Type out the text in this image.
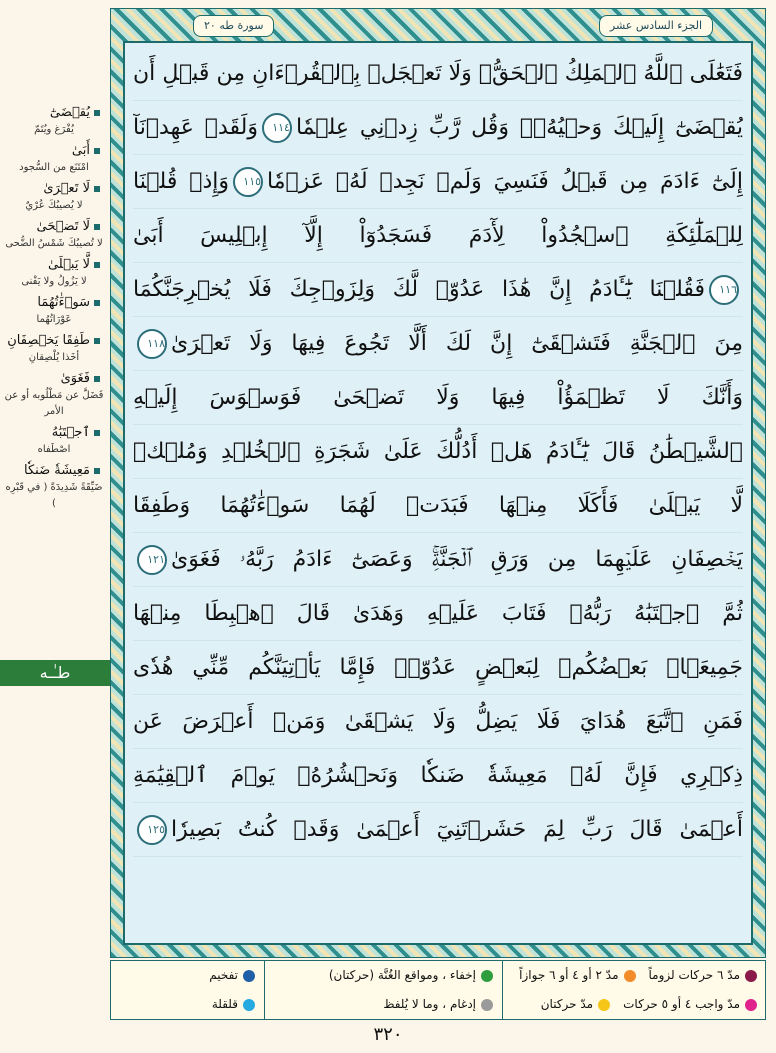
الجزء السادس عشر
سورة طه ٢٠
فَتَعَٰلَى ٱللَّهُ ٱلۡمَلِكُ ٱلۡحَقُّۗ وَلَا تَعۡجَلۡ بِٱلۡقُرۡءَانِ مِن قَبۡلِ أَن
يُقۡضَىٰٓ إِلَيۡكَ وَحۡيُهُۥۖ وَقُل رَّبِّ زِدۡنِي عِلۡمٗا١١٤وَلَقَدۡ عَهِدۡنَآ
إِلَىٰٓ ءَادَمَ مِن قَبۡلُ فَنَسِيَ وَلَمۡ نَجِدۡ لَهُۥ عَزۡمٗا١١٥وَإِذۡ قُلۡنَا
لِلۡمَلَٰٓئِكَةِ ٱسۡجُدُواْ لِأٓدَمَ فَسَجَدُوٓاْ إِلَّآ إِبۡلِيسَ أَبَىٰ
١١٦فَقُلۡنَا يَٰٓـَٔادَمُ إِنَّ هَٰذَا عَدُوّٞ لَّكَ وَلِزَوۡجِكَ فَلَا يُخۡرِجَنَّكُمَا
مِنَ ٱلۡجَنَّةِ فَتَشۡقَىٰٓ إِنَّ لَكَ أَلَّا تَجُوعَ فِيهَا وَلَا تَعۡرَىٰ١١٨
وَأَنَّكَ لَا تَظۡمَؤُاْ فِيهَا وَلَا تَضۡحَىٰ فَوَسۡوَسَ إِلَيۡهِ
ٱلشَّيۡطَٰنُ قَالَ يَٰٓـَٔادَمُ هَلۡ أَدُلُّكَ عَلَىٰ شَجَرَةِ ٱلۡخُلۡدِ وَمُلۡكٖ
لَّا يَبۡلَىٰ فَأَكَلَا مِنۡهَا فَبَدَتۡ لَهُمَا سَوۡءَٰتُهُمَا وَطَفِقَا
يَخۡصِفَانِ عَلَيۡهِمَا مِن وَرَقِ ٱلۡجَنَّةِۚ وَعَصَىٰٓ ءَادَمُ رَبَّهُۥ فَغَوَىٰ١٢١
ثُمَّ ٱجۡتَبَٰهُ رَبُّهُۥ فَتَابَ عَلَيۡهِ وَهَدَىٰ قَالَ ٱهۡبِطَا مِنۡهَا
جَمِيعَۢاۖ بَعۡضُكُمۡ لِبَعۡضٍ عَدُوّٞۖ فَإِمَّا يَأۡتِيَنَّكُم مِّنِّي هُدٗى
فَمَنِ ٱتَّبَعَ هُدَايَ فَلَا يَضِلُّ وَلَا يَشۡقَىٰ وَمَنۡ أَعۡرَضَ عَن
ذِكۡرِي فَإِنَّ لَهُۥ مَعِيشَةٗ ضَنكٗا وَنَحۡشُرُهُۥ يَوۡمَ ٱلۡقِيَٰمَةِ
أَعۡمَىٰ قَالَ رَبِّ لِمَ حَشَرۡتَنِيٓ أَعۡمَىٰ وَقَدۡ كُنتُ بَصِيرٗا١٢٥
يُقۡضَىٰٓ
يُفْرَغ ويُتَمّ
أَبَىٰ
امْتَنَع من السُّجود
لَا تَعۡرَىٰ
لا يُصيبُكَ عُرْيٌ
لَا تَضۡحَىٰ
لا تُصيبُكَ شَمْسُ الضُّحى
لَّا يَبۡلَىٰ
لا يَزُولُ ولا يَفْنى
سَوۡءَٰتُهُمَا
عَوْرَاتُهُما
طَفِقَا يَخۡصِفَانِ
أخَذا يُلْصِقانِ
فَغَوَىٰ
فَضَلَّ عن مَطْلُوبه أو عن الأمر
ٱجۡتَبَٰهُ
اصْطَفاه
مَعِيشَةٗ ضَنكٗا
ضَيِّقَةً شَدِيدَةً ( في قَبْرِه )
طـٰـه
مدّ ٦ حركات لزوماً
مدّ ٢ أو ٤ أو ٦ جوازاً
مدّ واجب ٤ أو ٥ حركات
مدّ حركتان
إخفاء ، ومواقع الغُنَّة (حركتان)
إدغام ، وما لا يُلفظ
تفخيم
قلقلة
٣٢٠
